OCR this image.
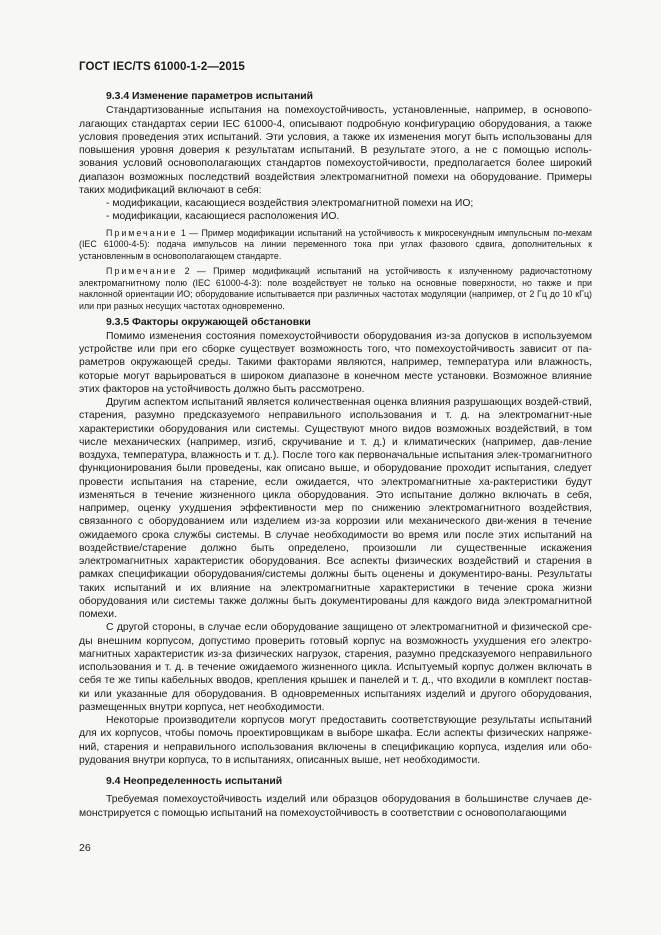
ГОСТ IEC/TS 61000-1-2—2015

9.3.4 Изменение параметров испытаний

Стандартизованные испытания на помехоустойчивость, установленные, например, в основопо-лагающих стандартах серии IEC 61000-4, описывают подробную конфигурацию оборудования, а также условия проведения этих испытаний. Эти условия, а также их изменения могут быть использованы для повышения уровня доверия к результатам испытаний. В результате этого, а не с помощью исполь-зования условий основополагающих стандартов помехоустойчивости, предполагается более широкий диапазон возможных последствий воздействия электромагнитной помехи на оборудование. Примеры таких модификаций включают в себя:

- модификации, касающиеся воздействия электромагнитной помехи на ИО;

- модификации, касающиеся расположения ИО.

Примечание 1 — Пример модификации испытаний на устойчивость к микросекундным импульсным по-мехам (IEC 61000-4-5): подача импульсов на линии переменного тока при углах фазового сдвига, дополнительных к установленным в основополагающем стандарте.

Примечание 2 — Пример модификаций испытаний на устойчивость к излученному радиочастотному электромагнитному полю (IEC 61000-4-3): поле воздействует не только на основные поверхности, но также и при наклонной ориентации ИО; оборудование испытывается при различных частотах модуляции (например, от 2 Гц до 10 кГц) или при разных несущих частотах одновременно.

9.3.5 Факторы окружающей обстановки

Помимо изменения состояния помехоустойчивости оборудования из-за допусков в используемом устройстве или при его сборке существует возможность того, что помехоустойчивость зависит от па-раметров окружающей среды. Такими факторами являются, например, температура или влажность, которые могут варьироваться в широком диапазоне в конечном месте установки. Возможное влияние этих факторов на устойчивость должно быть рассмотрено.

Другим аспектом испытаний является количественная оценка влияния разрушающих воздей-ствий, старения, разумно предсказуемого неправильного использования и т. д. на электромагнит-ные характеристики оборудования или системы. Существуют много видов возможных воздействий, в том числе механических (например, изгиб, скручивание и т. д.) и климатических (например, дав-ление воздуха, температура, влажность и т. д.). После того как первоначальные испытания элек-тромагнитного функционирования были проведены, как описано выше, и оборудование проходит испытания, следует провести испытания на старение, если ожидается, что электромагнитные ха-рактеристики будут изменяться в течение жизненного цикла оборудования. Это испытание должно включать в себя, например, оценку ухудшения эффективности мер по снижению электромагнитного воздействия, связанного с оборудованием или изделием из-за коррозии или механического дви-жения в течение ожидаемого срока службы системы. В случае необходимости во время или после этих испытаний на воздействие/старение должно быть определено, произошли ли существенные искажения электромагнитных характеристик оборудования. Все аспекты физических воздействий и старения в рамках спецификации оборудования/системы должны быть оценены и документиро-ваны. Результаты таких испытаний и их влияние на электромагнитные характеристики в течение срока жизни оборудования или системы также должны быть документированы для каждого вида электромагнитной помехи.

С другой стороны, в случае если оборудование защищено от электромагнитной и физической сре-ды внешним корпусом, допустимо проверить готовый корпус на возможность ухудшения его электро-магнитных характеристик из-за физических нагрузок, старения, разумно предсказуемого неправильного использования и т. д. в течение ожидаемого жизненного цикла. Испытуемый корпус должен включать в себя те же типы кабельных вводов, крепления крышек и панелей и т. д., что входили в комплект постав-ки или указанные для оборудования. В одновременных испытаниях изделий и другого оборудования, размещенных внутри корпуса, нет необходимости.

Некоторые производители корпусов могут предоставить соответствующие результаты испытаний для их корпусов, чтобы помочь проектировщикам в выборе шкафа. Если аспекты физических напряже-ний, старения и неправильного использования включены в спецификацию корпуса, изделия или обо-рудования внутри корпуса, то в испытаниях, описанных выше, нет необходимости.

9.4 Неопределенность испытаний

Требуемая помехоустойчивость изделий или образцов оборудования в большинстве случаев де-монстрируется с помощью испытаний на помехоустойчивость в соответствии с основополагающими

26
